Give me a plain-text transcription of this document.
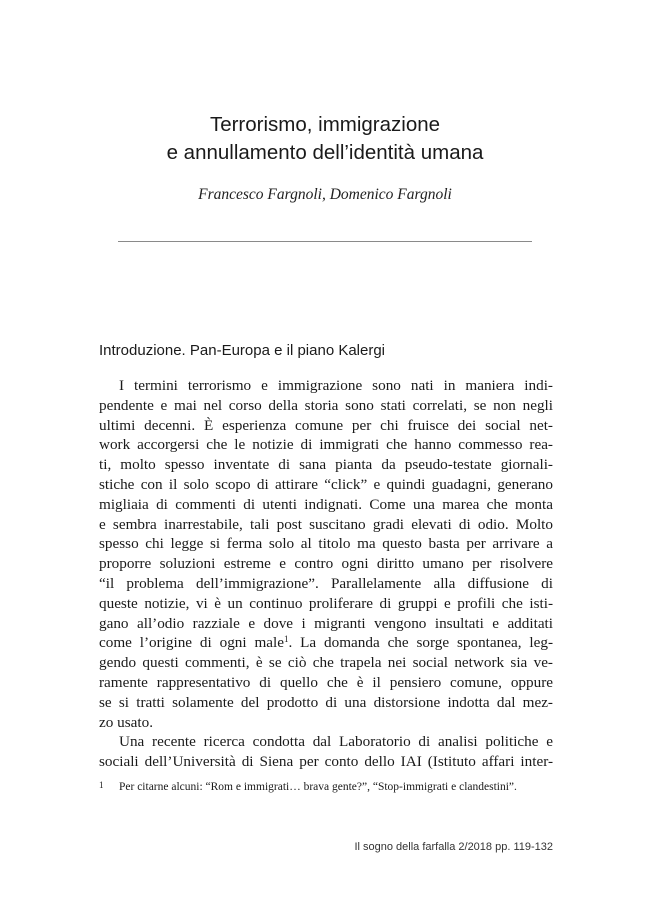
Terrorismo, immigrazione
e annullamento dell’identità umana
Francesco Fargnoli, Domenico Fargnoli
Introduzione. Pan-Europa e il piano Kalergi
I termini terrorismo e immigrazione sono nati in maniera indi-
pendente e mai nel corso della storia sono stati correlati, se non negli
ultimi decenni. È esperienza comune per chi fruisce dei social net-
work accorgersi che le notizie di immigrati che hanno commesso rea-
ti, molto spesso inventate di sana pianta da pseudo-testate giornali-
stiche con il solo scopo di attirare “click” e quindi guadagni, generano
migliaia di commenti di utenti indignati. Come una marea che monta
e sembra inarrestabile, tali post suscitano gradi elevati di odio. Molto
spesso chi legge si ferma solo al titolo ma questo basta per arrivare a
proporre soluzioni estreme e contro ogni diritto umano per risolvere
“il problema dell’immigrazione”. Parallelamente alla diffusione di
queste notizie, vi è un continuo proliferare di gruppi e profili che isti-
gano all’odio razziale e dove i migranti vengono insultati e additati
come l’origine di ogni male$^1$. La domanda che sorge spontanea, leg-
gendo questi commenti, è se ciò che trapela nei social network sia ve-
ramente rappresentativo di quello che è il pensiero comune, oppure
se si tratti solamente del prodotto di una distorsione indotta dal mez-
zo usato.
Una recente ricerca condotta dal Laboratorio di analisi politiche e
sociali dell’Università di Siena per conto dello IAI (Istituto affari inter-
1 Per citarne alcuni: “Rom e immigrati… brava gente?”, “Stop-immigrati e clandestini”.
Il sogno della farfalla 2/2018 pp. 119-132
